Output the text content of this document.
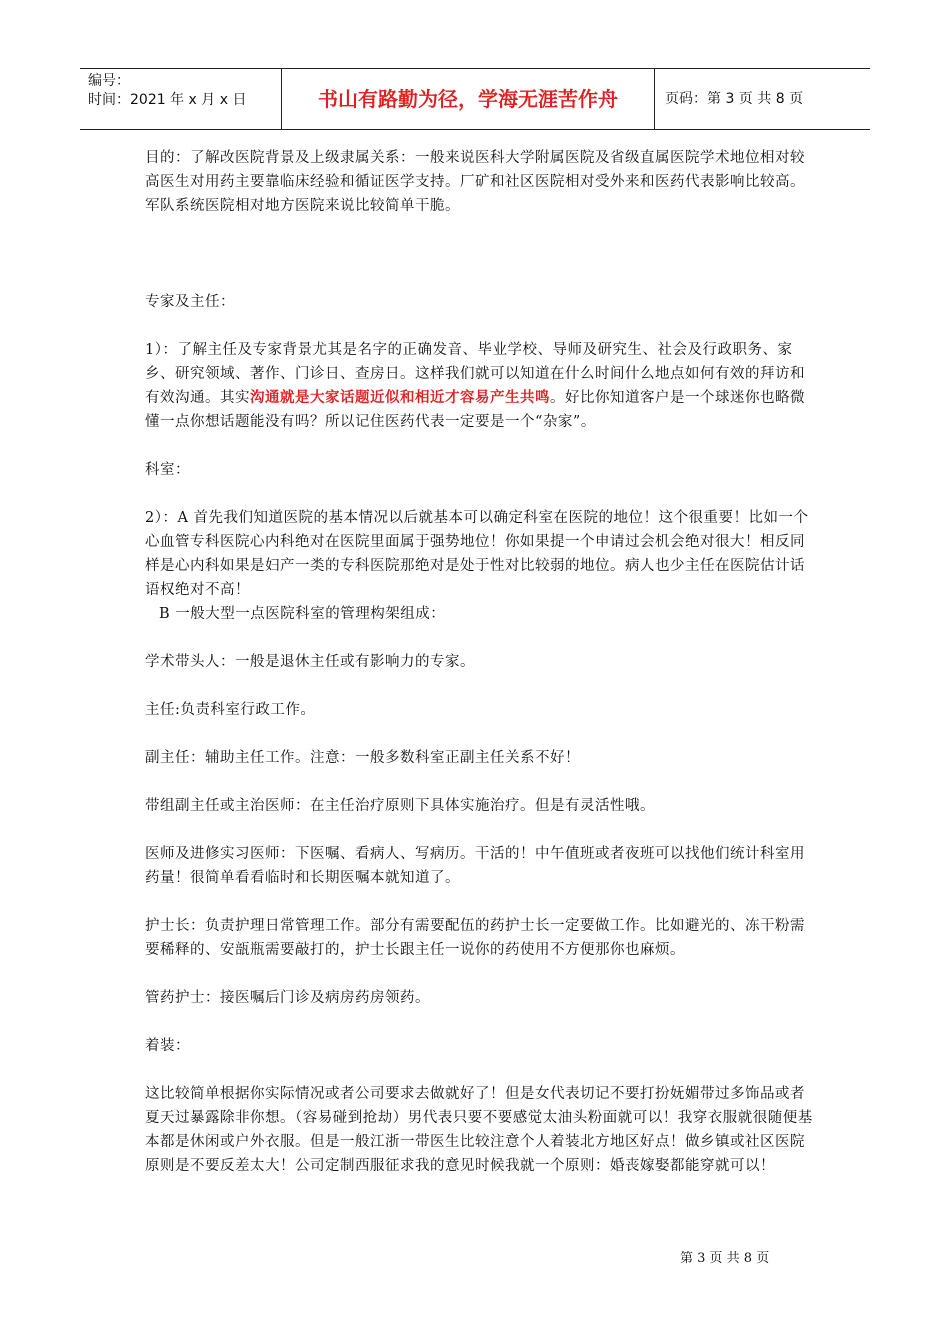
编号：
时间：2021 年 x 月 x 日	书山有路勤为径，学海无涯苦作舟	页码：第 3 页 共 8 页

目的：了解改医院背景及上级隶属关系：一般来说医科大学附属医院及省级直属医院学术地位相对较高医生对用药主要靠临床经验和循证医学支持。厂矿和社区医院相对受外来和医药代表影响比较高。军队系统医院相对地方医院来说比较简单干脆。

专家及主任：

1）：了解主任及专家背景尤其是名字的正确发音、毕业学校、导师及研究生、社会及行政职务、家乡、研究领域、著作、门诊日、查房日。这样我们就可以知道在什么时间什么地点如何有效的拜访和有效沟通。其实沟通就是大家话题近似和相近才容易产生共鸣。好比你知道客户是一个球迷你也略微懂一点你想话题能没有吗？所以记住医药代表一定要是一个“杂家”。

科室：

2）：A 首先我们知道医院的基本情况以后就基本可以确定科室在医院的地位！这个很重要！比如一个心血管专科医院心内科绝对在医院里面属于强势地位！你如果提一个申请过会机会绝对很大！相反同样是心内科如果是妇产一类的专科医院那绝对是处于性对比较弱的地位。病人也少主任在医院估计话语权绝对不高！

B 一般大型一点医院科室的管理构架组成：

学术带头人：一般是退休主任或有影响力的专家。

主任:负责科室行政工作。

副主任：辅助主任工作。注意：一般多数科室正副主任关系不好！

带组副主任或主治医师：在主任治疗原则下具体实施治疗。但是有灵活性哦。

医师及进修实习医师：下医嘱、看病人、写病历。干活的！中午值班或者夜班可以找他们统计科室用药量！很简单看看临时和长期医嘱本就知道了。

护士长：负责护理日常管理工作。部分有需要配伍的药护士长一定要做工作。比如避光的、冻干粉需要稀释的、安瓿瓶需要敲打的，护士长跟主任一说你的药使用不方便那你也麻烦。

管药护士：接医嘱后门诊及病房药房领药。

着装：

这比较简单根据你实际情况或者公司要求去做就好了！但是女代表切记不要打扮妩媚带过多饰品或者夏天过暴露除非你想。（容易碰到抢劫）男代表只要不要感觉太油头粉面就可以！我穿衣服就很随便基本都是休闲或户外衣服。但是一般江浙一带医生比较注意个人着装北方地区好点！做乡镇或社区医院原则是不要反差太大！公司定制西服征求我的意见时候我就一个原则：婚丧嫁娶都能穿就可以！

第 3 页 共 8 页
